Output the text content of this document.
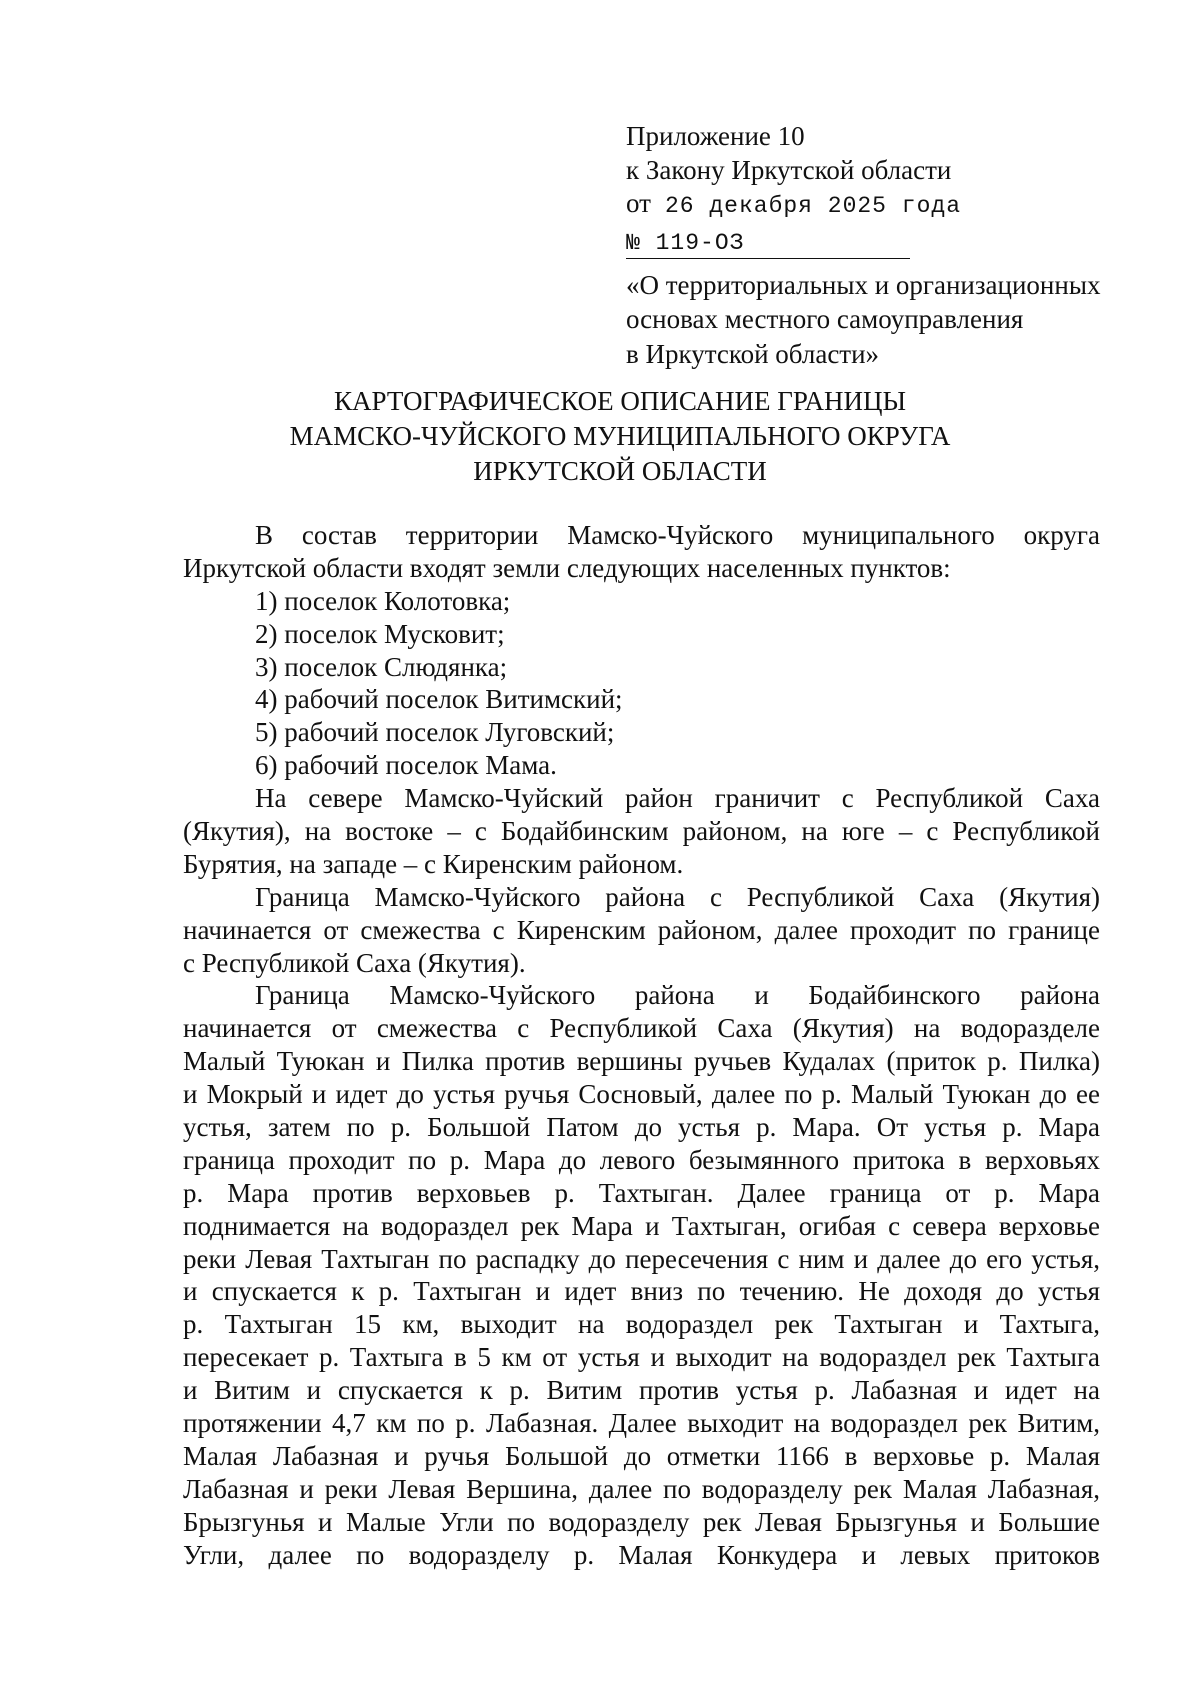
Приложение 10
к Закону Иркутской области
от 26 декабря 2025 года
№ 119-ОЗ
«О территориальных и организационных
основах местного самоуправления
в Иркутской области»
КАРТОГРАФИЧЕСКОЕ ОПИСАНИЕ ГРАНИЦЫ
МАМСКО-ЧУЙСКОГО МУНИЦИПАЛЬНОГО ОКРУГА
ИРКУТСКОЙ ОБЛАСТИ
В состав территории Мамско-Чуйского муниципального округа
Иркутской области входят земли следующих населенных пунктов:
1) поселок Колотовка;
2) поселок Мусковит;
3) поселок Слюдянка;
4) рабочий поселок Витимский;
5) рабочий поселок Луговский;
6) рабочий поселок Мама.
На севере Мамско-Чуйский район граничит с Республикой Саха
(Якутия), на востоке – с Бодайбинским районом, на юге – с Республикой
Бурятия, на западе – с Киренским районом.
Граница Мамско-Чуйского района с Республикой Саха (Якутия)
начинается от смежества с Киренским районом, далее проходит по границе
с Республикой Саха (Якутия).
Граница Мамско-Чуйского района и Бодайбинского района
начинается от смежества с Республикой Саха (Якутия) на водоразделе
Малый Туюкан и Пилка против вершины ручьев Кудалах (приток р. Пилка)
и Мокрый и идет до устья ручья Сосновый, далее по р. Малый Туюкан до ее
устья, затем по р. Большой Патом до устья р. Мара. От устья р. Мара
граница проходит по р. Мара до левого безымянного притока в верховьях
р. Мара против верховьев р. Тахтыган. Далее граница от р. Мара
поднимается на водораздел рек Мара и Тахтыган, огибая с севера верховье
реки Левая Тахтыган по распадку до пересечения с ним и далее до его устья,
и спускается к р. Тахтыган и идет вниз по течению. Не доходя до устья
р. Тахтыган 15 км, выходит на водораздел рек Тахтыган и Тахтыга,
пересекает р. Тахтыга в 5 км от устья и выходит на водораздел рек Тахтыга
и Витим и спускается к р. Витим против устья р. Лабазная и идет на
протяжении 4,7 км по р. Лабазная. Далее выходит на водораздел рек Витим,
Малая Лабазная и ручья Большой до отметки 1166 в верховье р. Малая
Лабазная и реки Левая Вершина, далее по водоразделу рек Малая Лабазная,
Брызгунья и Малые Угли по водоразделу рек Левая Брызгунья и Большие
Угли, далее по водоразделу р. Малая Конкудера и левых притоков
